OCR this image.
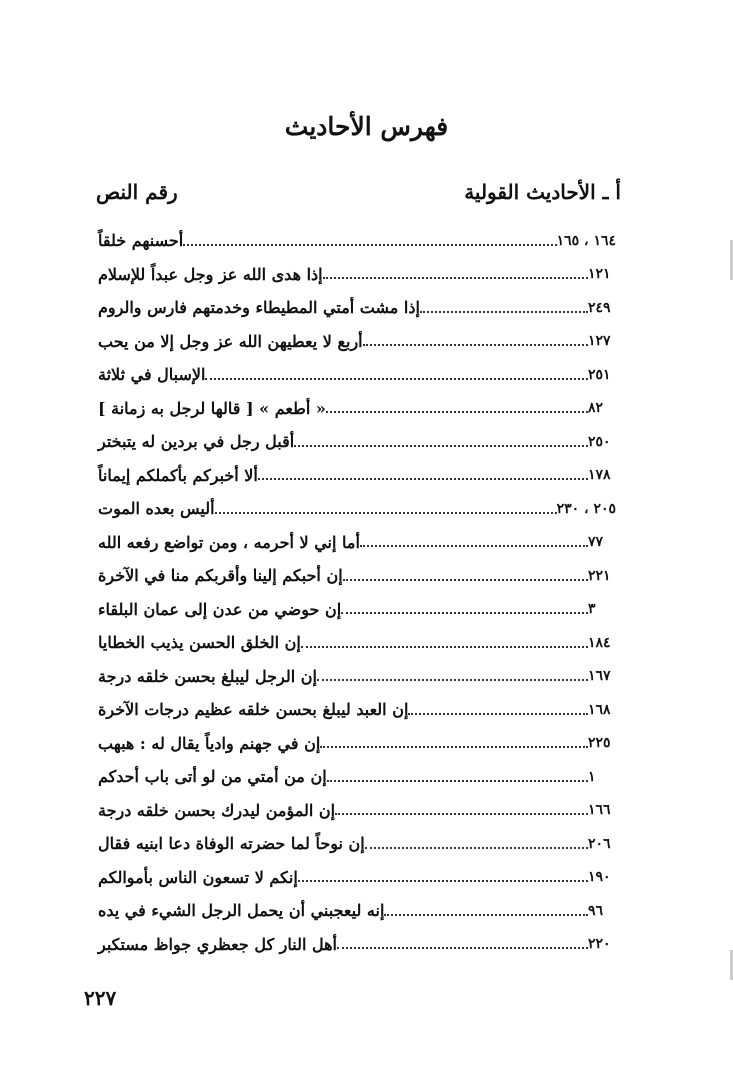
فهرس الأحاديث
أ ـ الأحاديث القولية
رقم النص
أحسنهم خلقاً	١٦٤ ، ١٦٥
إذا هدى الله عز وجل عبداً للإسلام	١٢١
إذا مشت أمتي المطيطاء وخدمتهم فارس والروم	٢٤٩
أربع لا يعطيهن الله عز وجل إلا من يحب	١٢٧
الإسبال في ثلاثة	٢٥١
« أطعم » [ قالها لرجل به زمانة ]	٨٢
أقبل رجل في بردين له يتبختر	٢٥٠
ألا أخبركم بأكملكم إيماناً	١٧٨
أليس بعده الموت	٢٠٥ ، ٢٣٠
أما إني لا أحرمه ، ومن تواضع رفعه الله	٧٧
إن أحبكم إلينا وأقربكم منا في الآخرة	٢٢١
إن حوضي من عدن إلى عمان البلقاء	٣
إن الخلق الحسن يذيب الخطايا	١٨٤
إن الرجل ليبلغ بحسن خلقه درجة	١٦٧
إن العبد ليبلغ بحسن خلقه عظيم درجات الآخرة	١٦٨
إن في جهنم وادياً يقال له : هبهب	٢٢٥
إن من أمتي من لو أتى باب أحدكم	١
إن المؤمن ليدرك بحسن خلقه درجة	١٦٦
إن نوحاً لما حضرته الوفاة دعا ابنيه فقال	٢٠٦
إنكم لا تسعون الناس بأموالكم	١٩٠
إنه ليعجبني أن يحمل الرجل الشيء في يده	٩٦
أهل النار كل جعظري جواظ مستكبر	٢٢٠
٢٢٧
